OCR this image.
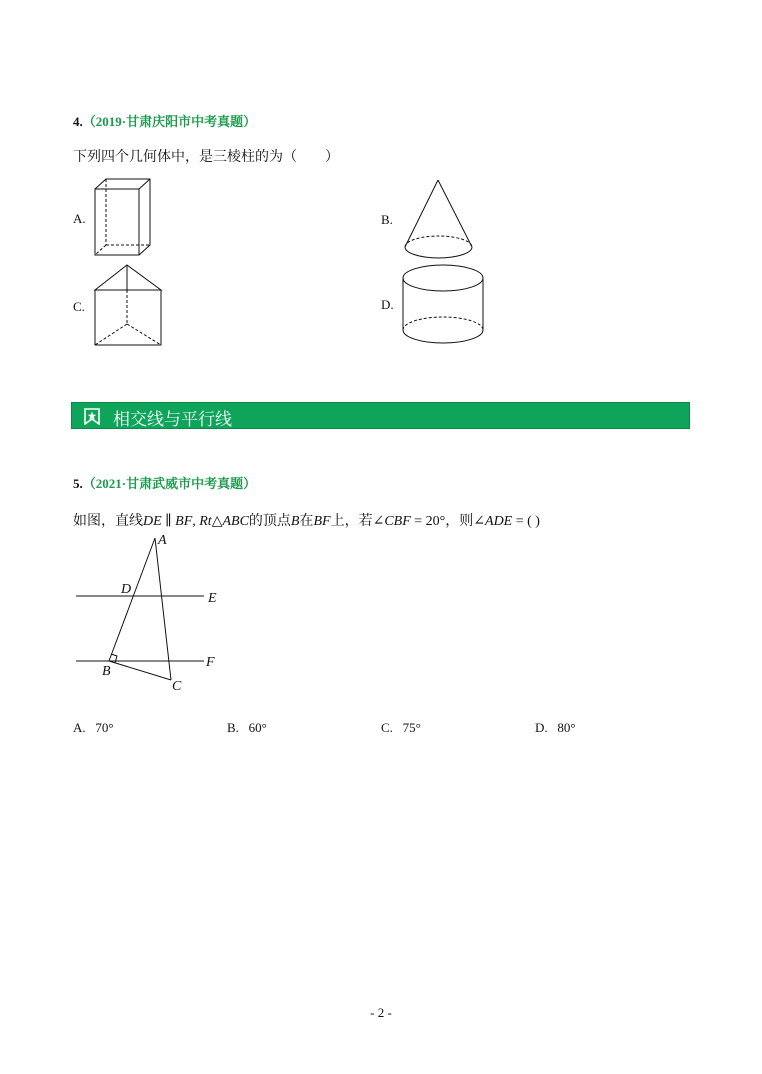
4.（2019·甘肃庆阳市中考真题）
下列四个几何体中，是三棱柱的为（　　）
A.	B.
C.	D.
相交线与平行线
5.（2021·甘肃武威市中考真题）
如图，直线DE ∥ BF, Rt△ABC的顶点B在BF上，若∠CBF = 20°，则∠ADE = ( )
A
D
E
B
F
C
A. 70°	B. 60°	C. 75°	D. 80°
- 2 -
